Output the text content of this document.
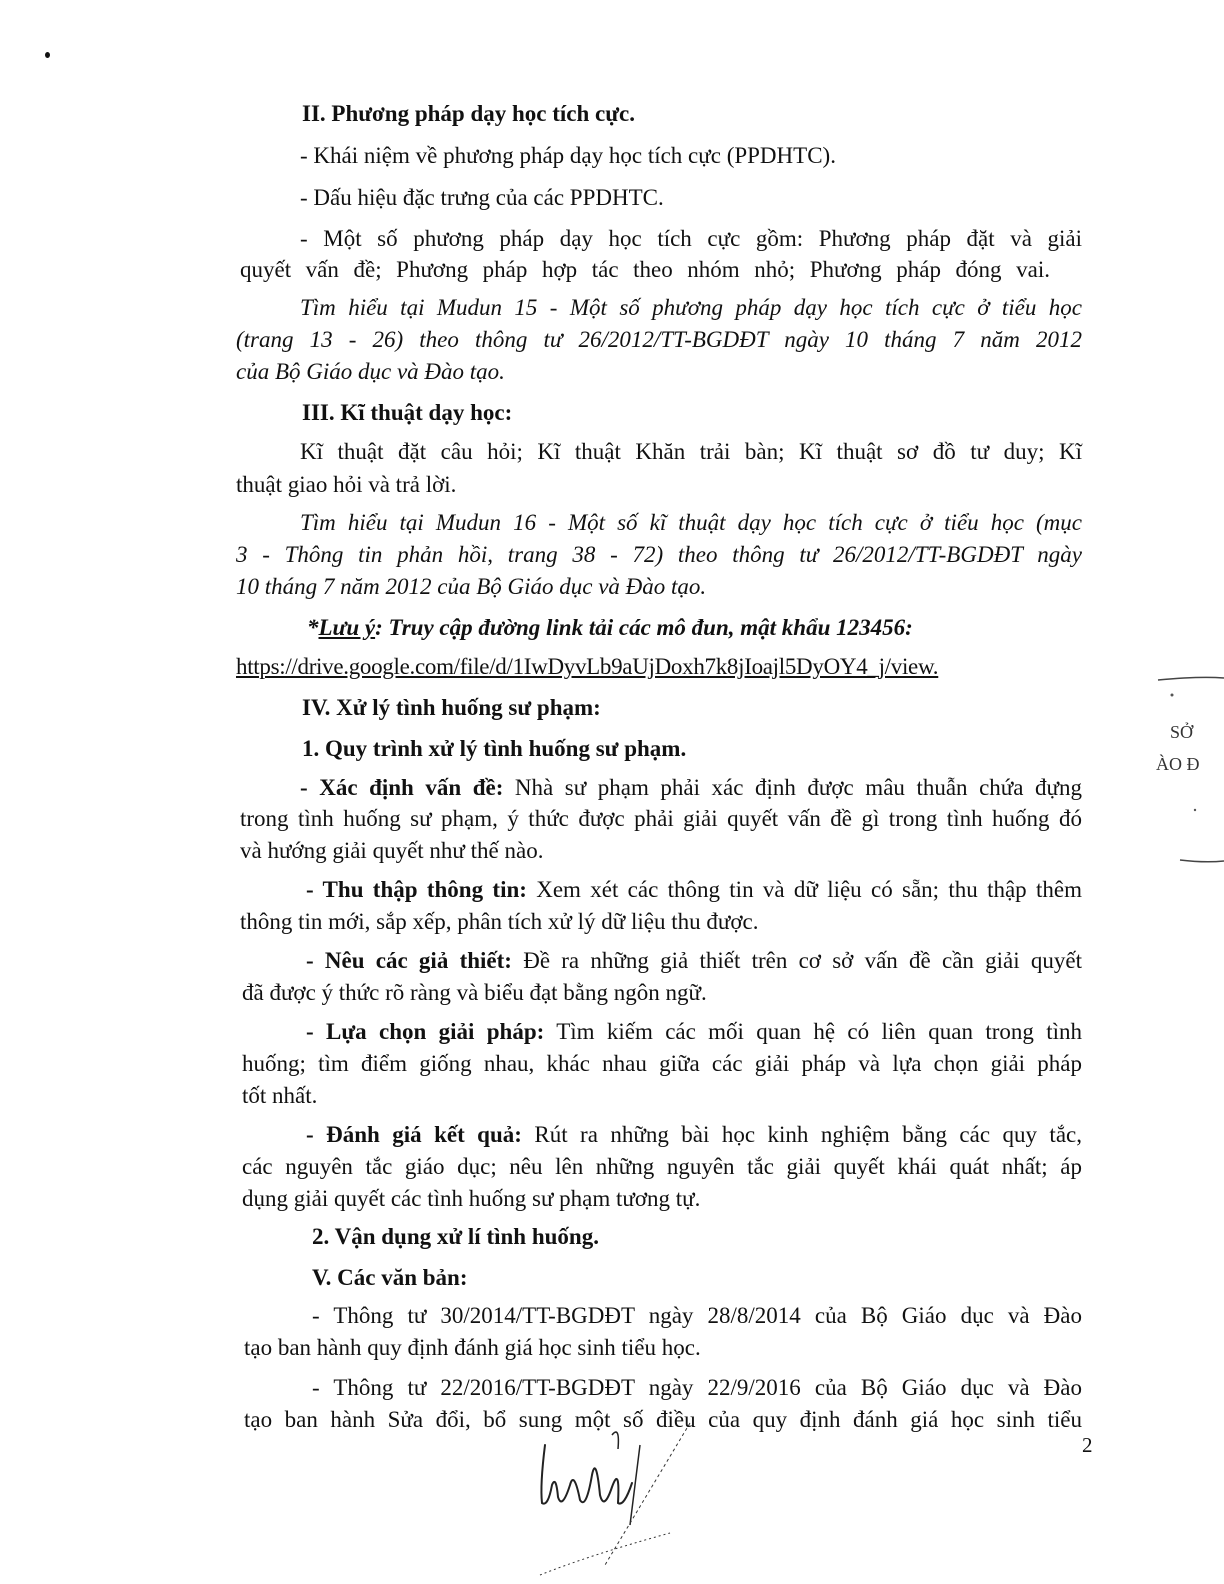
II. Phương pháp dạy học tích cực.
- Khái niệm về phương pháp dạy học tích cực (PPDHTC).
- Dấu hiệu đặc trưng của các PPDHTC.
- Một số phương pháp dạy học tích cực gồm: Phương pháp đặt và giải
quyết vấn đề; Phương pháp hợp tác theo nhóm nhỏ; Phương pháp đóng vai.
Tìm hiểu tại Mudun 15 - Một số phương pháp dạy học tích cực ở tiểu học
(trang 13 - 26) theo thông tư 26/2012/TT-BGDĐT ngày 10 tháng 7 năm 2012
của Bộ Giáo dục và Đào tạo.
III. Kĩ thuật dạy học:
Kĩ thuật đặt câu hỏi; Kĩ thuật Khăn trải bàn; Kĩ thuật sơ đồ tư duy; Kĩ
thuật giao hỏi và trả lời.
Tìm hiểu tại Mudun 16 - Một số kĩ thuật dạy học tích cực ở tiểu học (mục
3 - Thông tin phản hồi, trang 38 - 72) theo thông tư 26/2012/TT-BGDĐT ngày
10 tháng 7 năm 2012 của Bộ Giáo dục và Đào tạo.
*Lưu ý: Truy cập đường link tải các mô đun, mật khẩu 123456:
https://drive.google.com/file/d/1IwDyvLb9aUjDoxh7k8jIoajl5DyOY4_j/view.
IV. Xử lý tình huống sư phạm:
1. Quy trình xử lý tình huống sư phạm.
- Xác định vấn đề: Nhà sư phạm phải xác định được mâu thuẫn chứa đựng
trong tình huống sư phạm, ý thức được phải giải quyết vấn đề gì trong tình huống đó
và hướng giải quyết như thế nào.
- Thu thập thông tin: Xem xét các thông tin và dữ liệu có sẵn; thu thập thêm
thông tin mới, sắp xếp, phân tích xử lý dữ liệu thu được.
- Nêu các giả thiết: Đề ra những giả thiết trên cơ sở vấn đề cần giải quyết
đã được ý thức rõ ràng và biểu đạt bằng ngôn ngữ.
- Lựa chọn giải pháp: Tìm kiếm các mối quan hệ có liên quan trong tình
huống; tìm điểm giống nhau, khác nhau giữa các giải pháp và lựa chọn giải pháp
tốt nhất.
- Đánh giá kết quả: Rút ra những bài học kinh nghiệm bằng các quy tắc,
các nguyên tắc giáo dục; nêu lên những nguyên tắc giải quyết khái quát nhất; áp
dụng giải quyết các tình huống sư phạm tương tự.
2. Vận dụng xử lí tình huống.
V. Các văn bản:
- Thông tư 30/2014/TT-BGDĐT ngày 28/8/2014 của Bộ Giáo dục và Đào
tạo ban hành quy định đánh giá học sinh tiểu học.
- Thông tư 22/2016/TT-BGDĐT ngày 22/9/2016 của Bộ Giáo dục và Đào
tạo ban hành Sửa đổi, bổ sung một số điều của quy định đánh giá học sinh tiểu
2
SỞ
ÀO Đ
